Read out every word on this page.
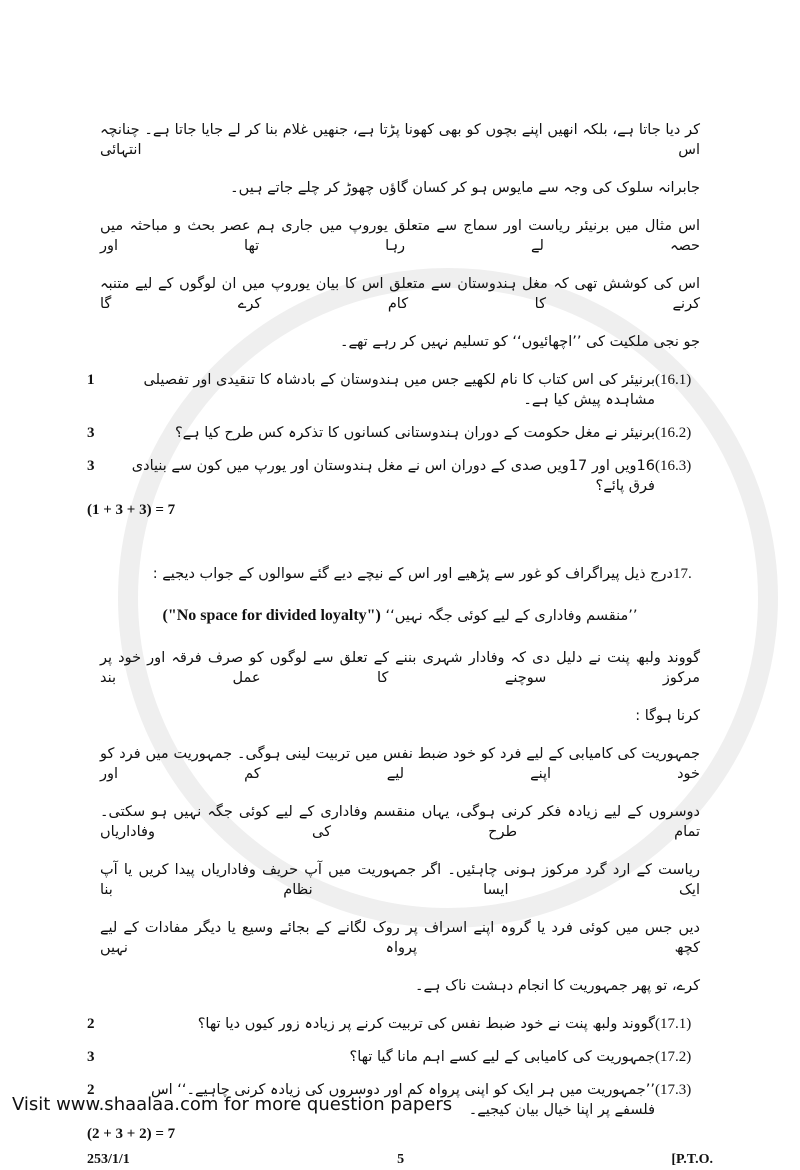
کر دیا جاتا ہے، بلکہ انھیں اپنے بچوں کو بھی کھونا پڑتا ہے، جنھیں غلام بنا کر لے جایا جاتا ہے۔ چنانچہ اس انتہائی
جابرانہ سلوک کی وجہ سے مایوس ہو کر کسان گاؤں چھوڑ کر چلے جاتے ہیں۔
اس مثال میں برنیئر ریاست اور سماج سے متعلق یوروپ میں جاری ہم عصر بحث و مباحثہ میں حصہ لے رہا تھا اور
اس کی کوشش تھی کہ مغل ہندوستان سے متعلق اس کا بیان یوروپ میں ان لوگوں کے لیے متنبہ کرنے کا کام کرے گا
جو نجی ملکیت کی ’’اچھائیوں‘‘ کو تسلیم نہیں کر رہے تھے۔
(16.1)
برنیئر کی اس کتاب کا نام لکھیے جس میں ہندوستان کے بادشاہ کا تنقیدی اور تفصیلی مشاہدہ پیش کیا ہے۔
1
(16.2)
برنیئر نے مغل حکومت کے دوران ہندوستانی کسانوں کا تذکرہ کس طرح کیا ہے؟
3
(16.3)
16ویں اور 17ویں صدی کے دوران اس نے مغل ہندوستان اور یورپ میں کون سے بنیادی فرق پائے؟
3
(1 + 3 + 3) = 7
17.
درج ذیل پیراگراف کو غور سے پڑھیے اور اس کے نیچے دیے گئے سوالوں کے جواب دیجیے :
’’منقسم وفاداری کے لیے کوئی جگہ نہیں‘‘ ("No space for divided loyalty")
گووند ولبھ پنت نے دلیل دی کہ وفادار شہری بننے کے تعلق سے لوگوں کو صرف فرقہ اور خود پر مرکوز سوچنے کا عمل بند
کرنا ہوگا :
جمہوریت کی کامیابی کے لیے فرد کو خود ضبط نفس میں تربیت لینی ہوگی۔ جمہوریت میں فرد کو خود اپنے لیے کم اور
دوسروں کے لیے زیادہ فکر کرنی ہوگی، یہاں منقسم وفاداری کے لیے کوئی جگہ نہیں ہو سکتی۔ تمام طرح کی وفاداریاں
ریاست کے ارد گرد مرکوز ہونی چاہئیں۔ اگر جمہوریت میں آپ حریف وفاداریاں پیدا کریں یا آپ ایک ایسا نظام بنا
دیں جس میں کوئی فرد یا گروہ اپنے اسراف پر روک لگانے کے بجائے وسیع یا دیگر مفادات کے لیے کچھ پرواہ نہیں
کرے، تو پھر جمہوریت کا انجام دہشت ناک ہے۔
(17.1)
گووند ولبھ پنت نے خود ضبط نفس کی تربیت کرنے پر زیادہ زور کیوں دیا تھا؟
2
(17.2)
جمہوریت کی کامیابی کے لیے کسے اہم مانا گیا تھا؟
3
(17.3)
’’جمہوریت میں ہر ایک کو اپنی پرواہ کم اور دوسروں کی زیادہ کرنی چاہیے۔‘‘ اس فلسفے پر اپنا خیال بیان کیجیے۔
2
(2 + 3 + 2) = 7
253/1/1	5	[P.T.O.
Visit www.shaalaa.com for more question papers
